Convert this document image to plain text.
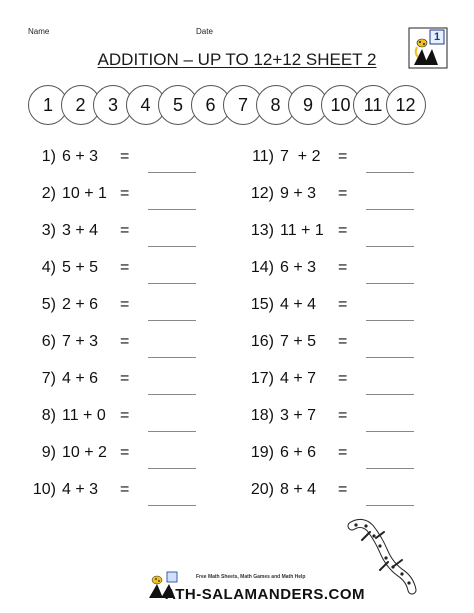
Name	Date	1
ADDITION – UP TO 12+12 SHEET 2
1	2	3	4	5	6	7	8	9 10 11 12
1) 6 + 3 =
2) 10 + 1 =
3) 3 + 4 =
4) 5 + 5 =
5) 2 + 6 =
6) 7 + 3 =
7) 4 + 6 =
8) 11 + 0 =
9) 10 + 2 =
10) 4 + 3 =
11) 7  + 2 =
12) 9 + 3 =
13) 11 + 1 =
14) 6 + 3 =
15) 4 + 4 =
16) 7 + 5 =
17) 4 + 7 =
18) 3 + 7 =
19) 6 + 6 =
20) 8 + 4 =
Free Math Sheets, Math Games and Math Help
ATH-SALAMANDERS.COM
